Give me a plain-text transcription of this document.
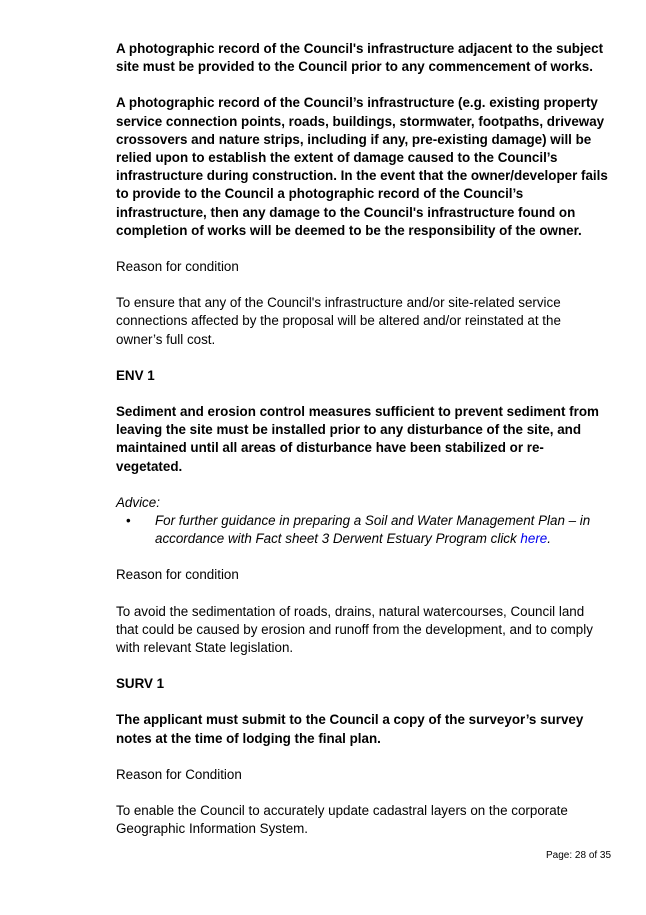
A photographic record of the Council's infrastructure adjacent to the subject site must be provided to the Council prior to any commencement of works.

A photographic record of the Council’s infrastructure (e.g. existing property service connection points, roads, buildings, stormwater, footpaths, driveway crossovers and nature strips, including if any, pre-existing damage) will be relied upon to establish the extent of damage caused to the Council’s infrastructure during construction. In the event that the owner/developer fails to provide to the Council a photographic record of the Council’s infrastructure, then any damage to the Council's infrastructure found on completion of works will be deemed to be the responsibility of the owner.

Reason for condition

To ensure that any of the Council's infrastructure and/or site-related service connections affected by the proposal will be altered and/or reinstated at the owner’s full cost.

ENV 1

Sediment and erosion control measures sufficient to prevent sediment from leaving the site must be installed prior to any disturbance of the site, and maintained until all areas of disturbance have been stabilized or re-vegetated.

Advice:

• For further guidance in preparing a Soil and Water Management Plan – in accordance with Fact sheet 3 Derwent Estuary Program click here.

Reason for condition

To avoid the sedimentation of roads, drains, natural watercourses, Council land that could be caused by erosion and runoff from the development, and to comply with relevant State legislation.

SURV 1

The applicant must submit to the Council a copy of the surveyor’s survey notes at the time of lodging the final plan.

Reason for Condition

To enable the Council to accurately update cadastral layers on the corporate Geographic Information System.

Page: 28 of 35
